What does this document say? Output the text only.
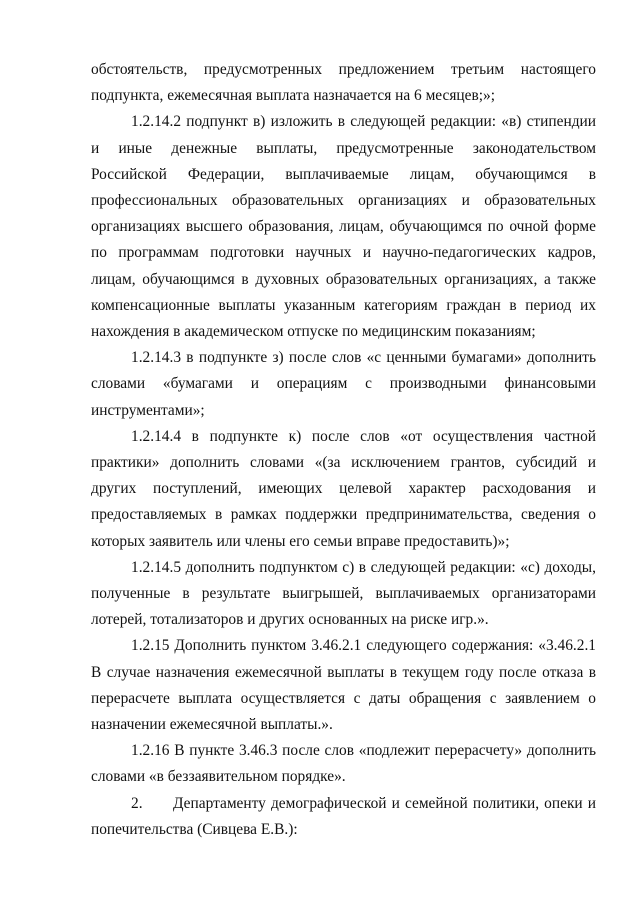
обстоятельств, предусмотренных предложением третьим настоящего подпункта, ежемесячная выплата назначается на 6 месяцев;»;

1.2.14.2 подпункт в) изложить в следующей редакции: «в) стипендии и иные денежные выплаты, предусмотренные законодательством Российской Федерации, выплачиваемые лицам, обучающимся в профессиональных образовательных организациях и образовательных организациях высшего образования, лицам, обучающимся по очной форме по программам подготовки научных и научно-педагогических кадров, лицам, обучающимся в духовных образовательных организациях, а также компенсационные выплаты указанным категориям граждан в период их нахождения в академическом отпуске по медицинским показаниям;

1.2.14.3 в подпункте з) после слов «с ценными бумагами» дополнить словами «бумагами и операциям с производными финансовыми инструментами»;

1.2.14.4 в подпункте к) после слов «от осуществления частной практики» дополнить словами «(за исключением грантов, субсидий и других поступлений, имеющих целевой характер расходования и предоставляемых в рамках поддержки предпринимательства, сведения о которых заявитель или члены его семьи вправе предоставить)»;

1.2.14.5 дополнить подпунктом с) в следующей редакции: «с) доходы, полученные в результате выигрышей, выплачиваемых организаторами лотерей, тотализаторов и других основанных на риске игр.».

1.2.15 Дополнить пунктом 3.46.2.1 следующего содержания: «3.46.2.1 В случае назначения ежемесячной выплаты в текущем году после отказа в перерасчете выплата осуществляется с даты обращения с заявлением о назначении ежемесячной выплаты.».

1.2.16 В пункте 3.46.3 после слов «подлежит перерасчету» дополнить словами «в беззаявительном порядке».

2. Департаменту демографической и семейной политики, опеки и попечительства (Сивцева Е.В.):
